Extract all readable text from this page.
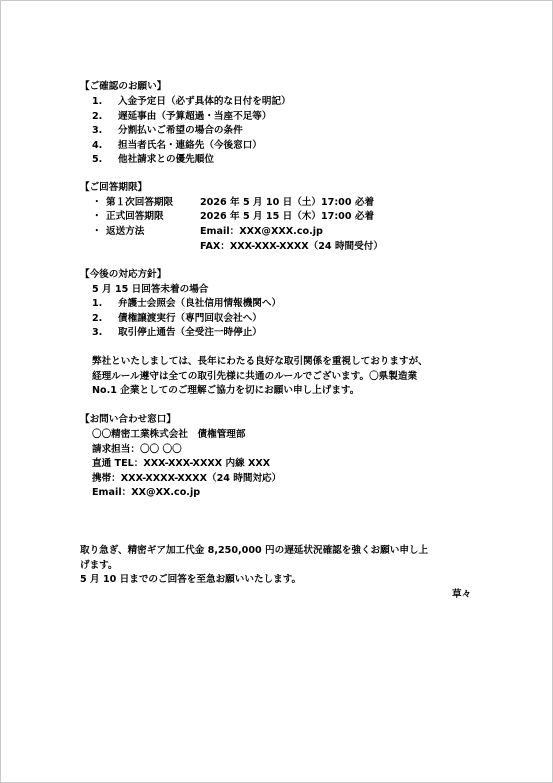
【ご確認のお願い】
1. 入金予定日（必ず具体的な日付を明記）
2. 遅延事由（予算超過・当座不足等）
3. 分割払いご希望の場合の条件
4. 担当者氏名・連絡先（今後窓口）
5. 他社請求との優先順位
【ご回答期限】
・ 第１次回答期限	2026 年 5 月 10 日（土）17:00 必着
・ 正式回答期限	2026 年 5 月 15 日（木）17:00 必着
・ 返送方法	Email：XXX@XXX.co.jp
FAX：XXX-XXX-XXXX（24 時間受付）
【今後の対応方針】
5 月 15 日回答未着の場合
1. 弁護士会照会（良社信用情報機関へ）
2. 債権譲渡実行（専門回収会社へ）
3. 取引停止通告（全受注一時停止）
弊社といたしましては、長年にわたる良好な取引関係を重視しておりますが、
経理ルール遵守は全ての取引先様に共通のルールでございます。〇県製造業
No.1 企業としてのご理解ご協力を切にお願い申し上げます。
【お問い合わせ窓口】
〇〇精密工業株式会社　債権管理部
請求担当：〇〇 〇〇
直通 TEL：XXX-XXX-XXXX 内線 XXX
携帯：XXX-XXXX-XXXX（24 時間対応）
Email：XX@XX.co.jp
取り急ぎ、精密ギア加工代金 8,250,000 円の遅延状況確認を強くお願い申し上
げます。
5 月 10 日までのご回答を至急お願いいたします。
草々
